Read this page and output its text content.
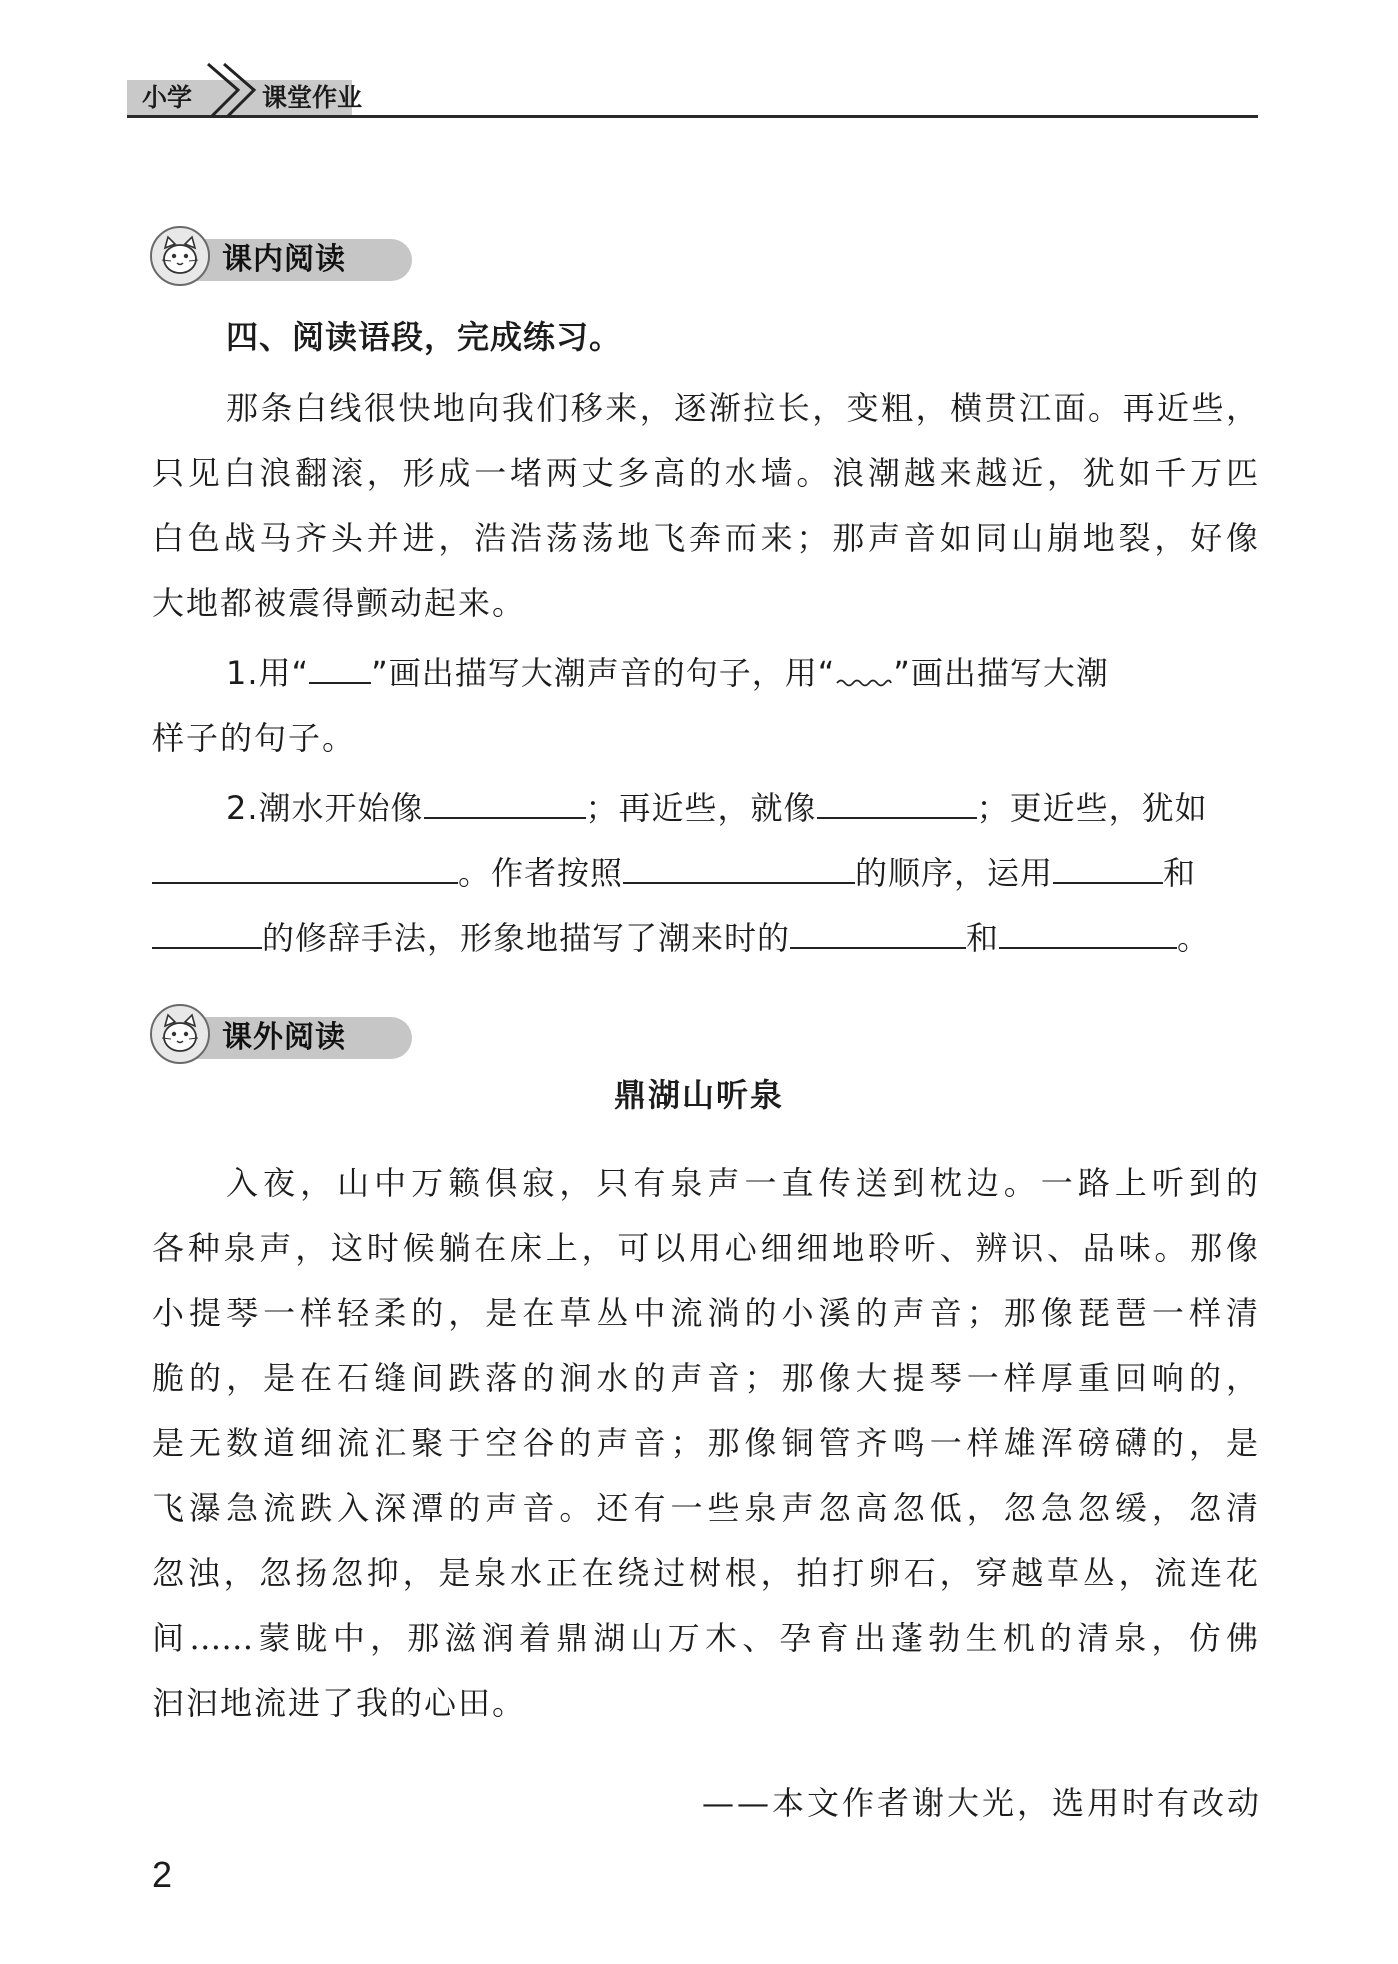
小学	课堂作业
课内阅读
四、阅读语段，完成练习。
那条白线很快地向我们移来，逐渐拉长，变粗，横贯江面。再近些，
只见白浪翻滚，形成一堵两丈多高的水墙。浪潮越来越近，犹如千万匹
白色战马齐头并进，浩浩荡荡地飞奔而来；那声音如同山崩地裂，好像
大地都被震得颤动起来。
1.用“ ”画出描写大潮声音的句子，用“ ”画出描写大潮
样子的句子。
2.潮水开始像	；再近些，就像	；更近些，犹如
。作者按照	的顺序，运用	和
的修辞手法，形象地描写了潮来时的	和	。
课外阅读
鼎湖山听泉
入夜，山中万籁俱寂，只有泉声一直传送到枕边。一路上听到的
各种泉声，这时候躺在床上，可以用心细细地聆听、辨识、品味。那像
小提琴一样轻柔的，是在草丛中流淌的小溪的声音；那像琵琶一样清
脆的，是在石缝间跌落的涧水的声音；那像大提琴一样厚重回响的，
是无数道细流汇聚于空谷的声音；那像铜管齐鸣一样雄浑磅礴的，是
飞瀑急流跌入深潭的声音。还有一些泉声忽高忽低，忽急忽缓，忽清
忽浊，忽扬忽抑，是泉水正在绕过树根，拍打卵石，穿越草丛，流连花
间……蒙眬中，那滋润着鼎湖山万木、孕育出蓬勃生机的清泉，仿佛
汩汩地流进了我的心田。
——本文作者谢大光，选用时有改动
2
